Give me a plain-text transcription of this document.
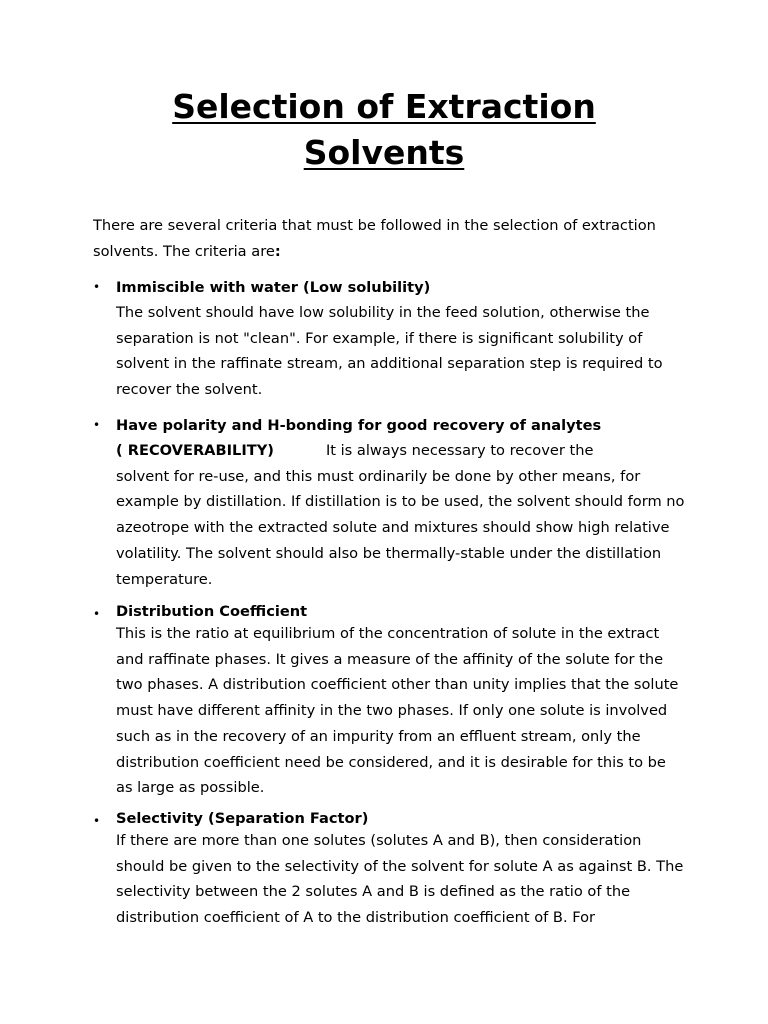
Selection of Extraction Solvents

There are several criteria that must be followed in the selection of extraction solvents. The criteria are:

• Immiscible with water (Low solubility)

The solvent should have low solubility in the feed solution, otherwise the separation is not "clean". For example, if there is significant solubility of solvent in the raffinate stream, an additional separation step is required to recover the solvent.

• Have polarity and H-bonding for good recovery of analytes

( RECOVERABILITY)	It is always necessary to recover the

solvent for re-use, and this must ordinarily be done by other means, for example by distillation. If distillation is to be used, the solvent should form no azeotrope with the extracted solute and mixtures should show high relative volatility. The solvent should also be thermally-stable under the distillation temperature.

• Distribution Coefficient

This is the ratio at equilibrium of the concentration of solute in the extract and raffinate phases. It gives a measure of the affinity of the solute for the two phases. A distribution coefficient other than unity implies that the solute must have different affinity in the two phases. If only one solute is involved such as in the recovery of an impurity from an effluent stream, only the distribution coefficient need be considered, and it is desirable for this to be as large as possible.

• Selectivity (Separation Factor)

If there are more than one solutes (solutes A and B), then consideration should be given to the selectivity of the solvent for solute A as against B. The selectivity between the 2 solutes A and B is defined as the ratio of the distribution coefficient of A to the distribution coefficient of B. For
